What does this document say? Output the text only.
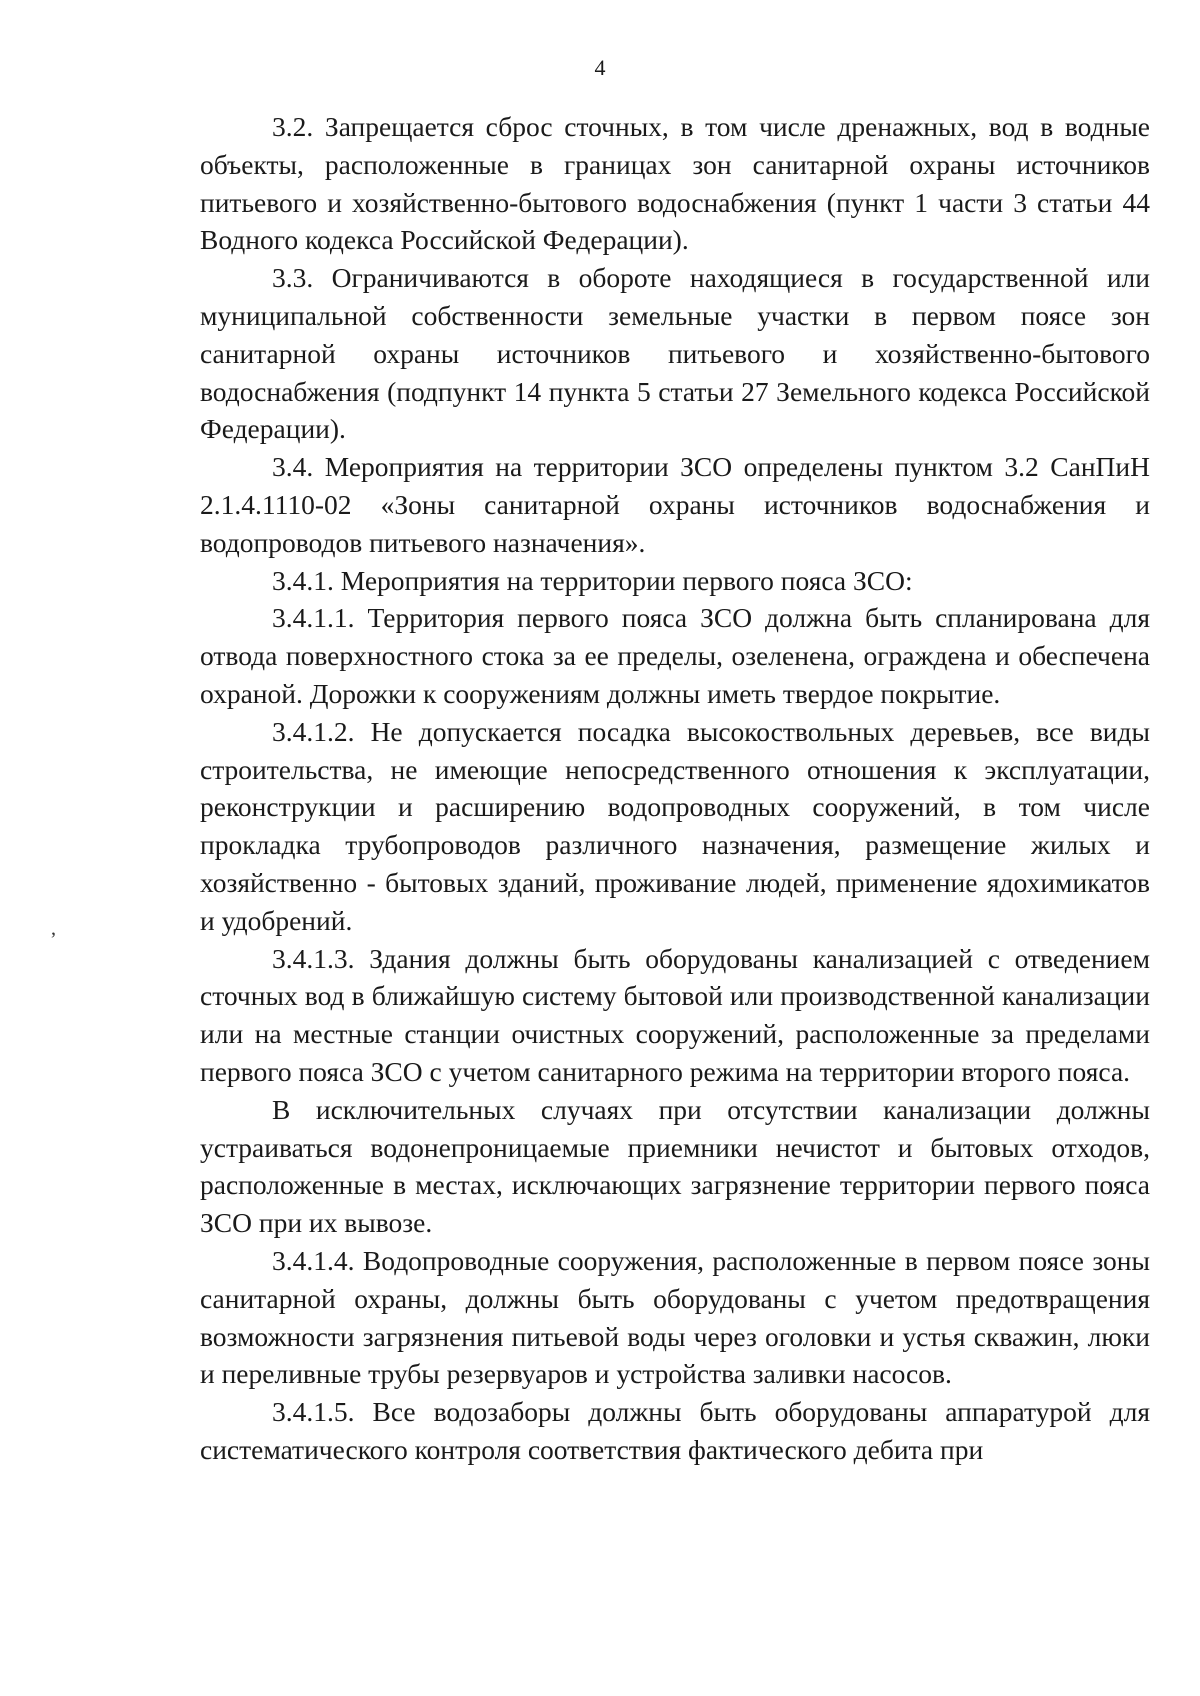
4
ʼ

3.2. Запрещается сброс сточных, в том числе дренажных, вод в водные объекты, расположенные в границах зон санитарной охраны источников питьевого и хозяйственно-бытового водоснабжения (пункт 1 части 3 статьи 44 Водного кодекса Российской Федерации).

3.3. Ограничиваются в обороте находящиеся в государственной или муниципальной собственности земельные участки в первом поясе зон санитарной охраны источников питьевого и хозяйственно-бытового водоснабжения (подпункт 14 пункта 5 статьи 27 Земельного кодекса Российской Федерации).

3.4. Мероприятия на территории ЗСО определены пунктом 3.2 СанПиН 2.1.4.1110-02 «Зоны санитарной охраны источников водоснабжения и водопроводов питьевого назначения».

3.4.1. Мероприятия на территории первого пояса ЗСО:

3.4.1.1. Территория первого пояса ЗСО должна быть спланирована для отвода поверхностного стока за ее пределы, озеленена, ограждена и обеспечена охраной. Дорожки к сооружениям должны иметь твердое покрытие.

3.4.1.2. Не допускается посадка высокоствольных деревьев, все виды строительства, не имеющие непосредственного отношения к эксплуатации, реконструкции и расширению водопроводных сооружений, в том числе прокладка трубопроводов различного назначения, размещение жилых и хозяйственно - бытовых зданий, проживание людей, применение ядохимикатов и удобрений.

3.4.1.3. Здания должны быть оборудованы канализацией с отведением сточных вод в ближайшую систему бытовой или производственной канализации или на местные станции очистных сооружений, расположенные за пределами первого пояса ЗСО с учетом санитарного режима на территории второго пояса.

В исключительных случаях при отсутствии канализации должны устраиваться водонепроницаемые приемники нечистот и бытовых отходов, расположенные в местах, исключающих загрязнение территории первого пояса ЗСО при их вывозе.

3.4.1.4. Водопроводные сооружения, расположенные в первом поясе зоны санитарной охраны, должны быть оборудованы с учетом предотвращения возможности загрязнения питьевой воды через оголовки и устья скважин, люки и переливные трубы резервуаров и устройства заливки насосов.

3.4.1.5. Все водозаборы должны быть оборудованы аппаратурой для систематического контроля соответствия фактического дебита при
